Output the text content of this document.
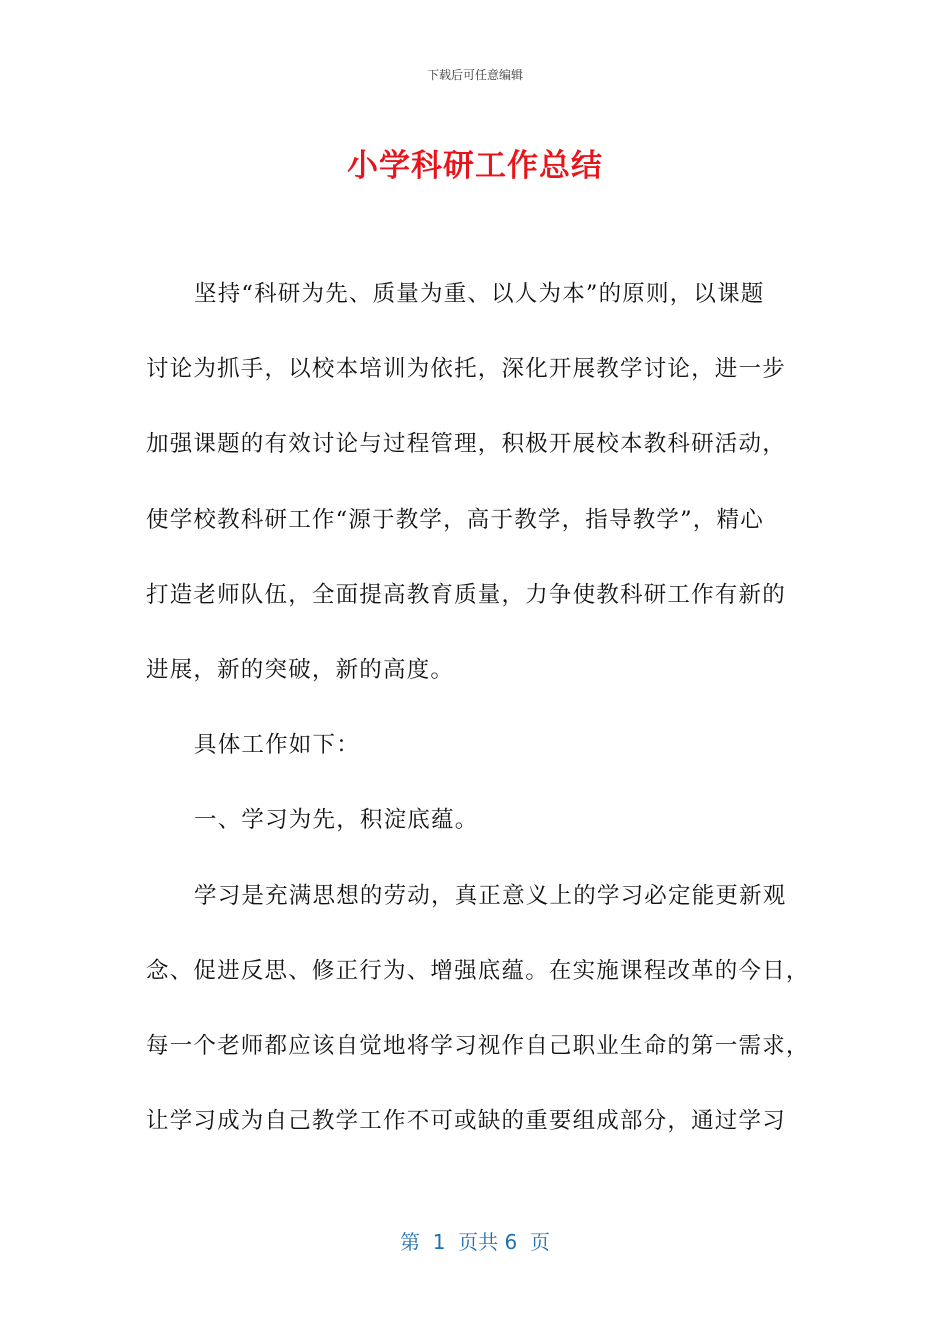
下载后可任意编辑
小学科研工作总结
坚持“科研为先、质量为重、以人为本”的原则，以课题
讨论为抓手，以校本培训为依托，深化开展教学讨论，进一步
加强课题的有效讨论与过程管理，积极开展校本教科研活动，
使学校教科研工作“源于教学，高于教学，指导教学”，精心
打造老师队伍，全面提高教育质量，力争使教科研工作有新的
进展，新的突破，新的高度。
具体工作如下：
一、学习为先，积淀底蕴。
学习是充满思想的劳动，真正意义上的学习必定能更新观
念、促进反思、修正行为、增强底蕴。在实施课程改革的今日，
每一个老师都应该自觉地将学习视作自己职业生命的第一需求，
让学习成为自己教学工作不可或缺的重要组成部分，通过学习
第  1  页共 6  页
